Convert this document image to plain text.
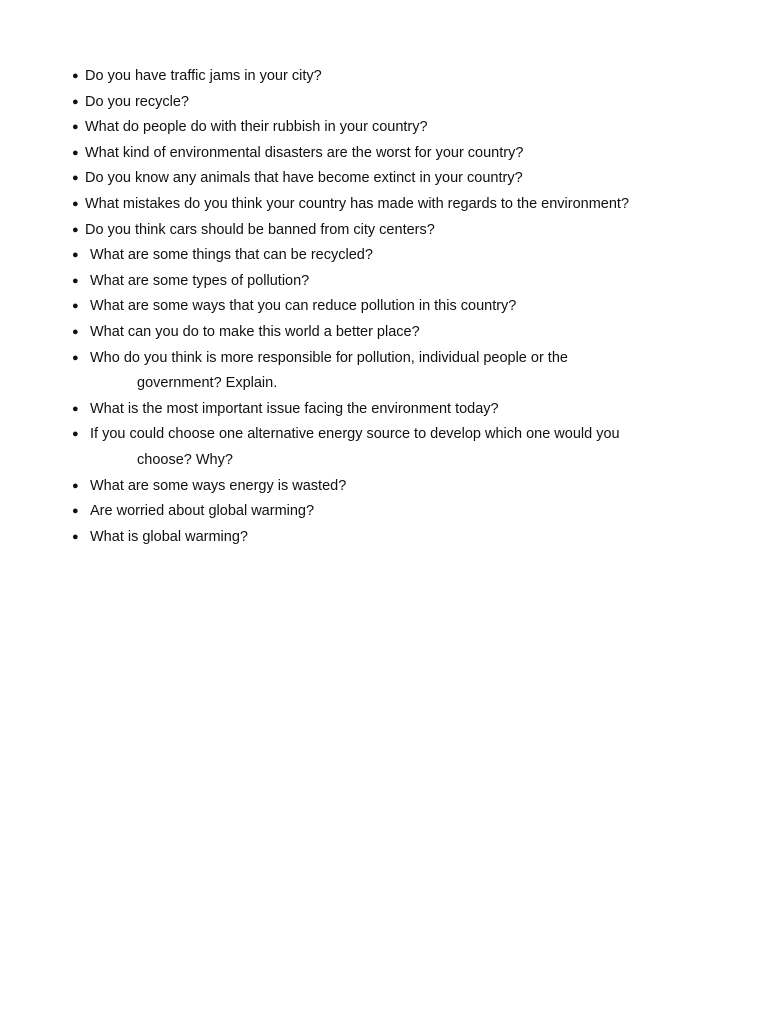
● Do you have traffic jams in your city?
● Do you recycle?
● What do people do with their rubbish in your country?
● What kind of environmental disasters are the worst for your country?
● Do you know any animals that have become extinct in your country?
● What mistakes do you think your country has made with regards to the environment?
● Do you think cars should be banned from city centers?
● What are some things that can be recycled?
● What are some types of pollution?
● What are some ways that you can reduce pollution in this country?
● What can you do to make this world a better place?
● Who do you think is more responsible for pollution, individual people or the
government? Explain.
● What is the most important issue facing the environment today?
● If you could choose one alternative energy source to develop which one would you
choose? Why?
● What are some ways energy is wasted?
● Are worried about global warming?
● What is global warming?
